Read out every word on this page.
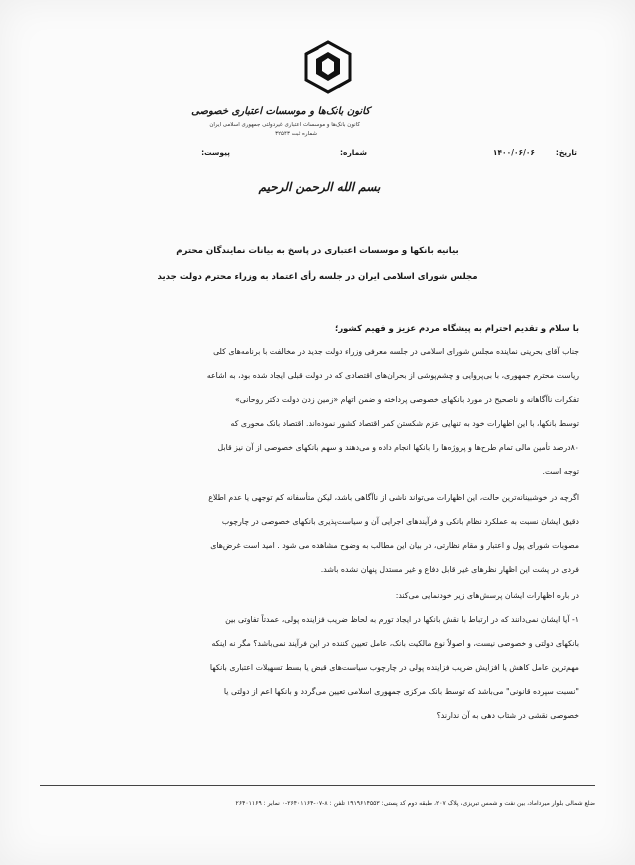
کانون بانک‌ها و موسسات اعتباری خصوصی
کانون بانک‌ها و موسسات اعتباری غیردولتی جمهوری اسلامی ایران
شماره ثبت ۳۲۵۴۳
تاریخ:
۱۴۰۰/۰۶/۰۶
شماره:
پیوست:
بسم الله الرحمن الرحیم
بیانیه بانکها و موسسات اعتباری در پاسخ به بیانات نمایندگان محترم
مجلس شورای اسلامی ایران در جلسه رأی اعتماد به وزراء محترم دولت جدید
با سلام و تقدیم احترام به پیشگاه مردم عزیز و فهیم کشور؛
جناب آقای بحرینی نماینده مجلس شورای اسلامی در جلسه معرفی وزراء دولت جدید در مخالفت با برنامه‌های کلی
ریاست محترم جمهوری، با بی‌پروایی و چشم‌پوشی از بحران‌های اقتصادی که در دولت قبلی ایجاد شده بود، به اشاعه
تفکرات ناآگاهانه و ناصحیح در مورد بانکهای خصوصی پرداخته و ضمن اتهام «زمین زدن دولت دکتر روحانی»
توسط بانکها، با این اظهارات خود به تنهایی عزم شکستن کمر اقتصاد کشور نموده‌اند. اقتصاد بانک محوری که
۸۰درصد تأمین مالی تمام طرح‌ها و پروژه‌ها را بانکها انجام داده و می‌دهند و سهم بانکهای خصوصی از آن نیز قابل
توجه است.
اگرچه در خوشبینانه‌ترین حالت، این اظهارات می‌تواند ناشی از ناآگاهی باشد، لیکن متأسفانه کم توجهی یا عدم اطلاع
دقیق ایشان نسبت به عملکرد نظام بانکی و فرآیندهای اجرایی آن و سیاست‌پذیری بانکهای خصوصی در چارچوب
مصوبات شورای پول و اعتبار و مقام نظارتی، در بیان این مطالب به وضوح مشاهده می شود . امید است غرض‌های
فردی در پشت این اظهار نظرهای غیر قابل دفاع و غیر مستدل پنهان نشده باشد.
در باره اظهارات ایشان پرسش‌های زیر خودنمایی می‌کند:
۱- آیا ایشان نمی‌دانند که در ارتباط با نقش بانکها در ایجاد تورم به لحاظ ضریب فزاینده پولی، عمدتاً تفاوتی بین
بانکهای دولتی و خصوصی نیست، و اصولاً نوع مالکیت بانک، عامل تعیین کننده در این فرآیند نمی‌باشد؟ مگر نه اینکه
مهم‌ترین عامل کاهش یا افزایش ضریب فزاینده پولی در چارچوب سیاست‌های قبض یا بسط تسهیلات اعتباری بانکها
"نسبت سپرده قانونی" می‌باشد که توسط بانک مرکزی جمهوری اسلامی تعیین می‌گردد و بانکها اعم از دولتی یا
خصوصی نقشی در شتاب دهی به آن ندارند؟
ضلع شمالی بلوار میرداماد، بین نفت و شمس تبریزی، پلاک ۲۰۷، طبقه دوم کد پستی: ۱۹۱۹۶۱۴۵۵۳ تلفن : ۸-۰۷-۲۶۴۰۱۱۶۴-۰ نمابر : ۲۶۴۰۱۱۶۹
